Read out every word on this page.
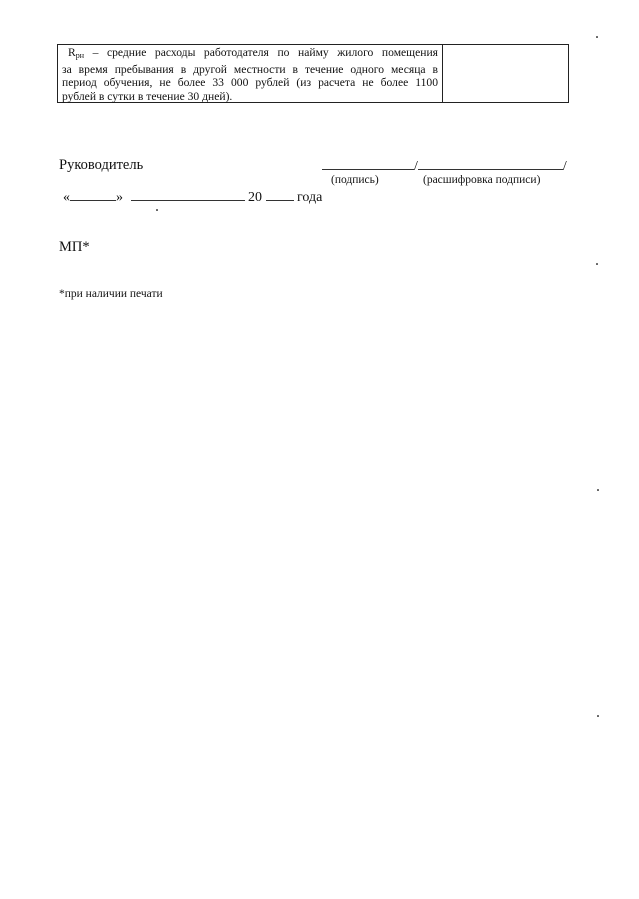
$R_{рн}$ – средние расходы работодателя по найму жилого помещения
за время пребывания в другой местности в течение одного месяца в
период обучения, не более 33 000 рублей (из расчета не более 1100
рублей в сутки в течение 30 дней).
Руководитель	/	/
(подпись)	(расшифровка подписи)
«	»	20	года
МП*
*при наличии печати
